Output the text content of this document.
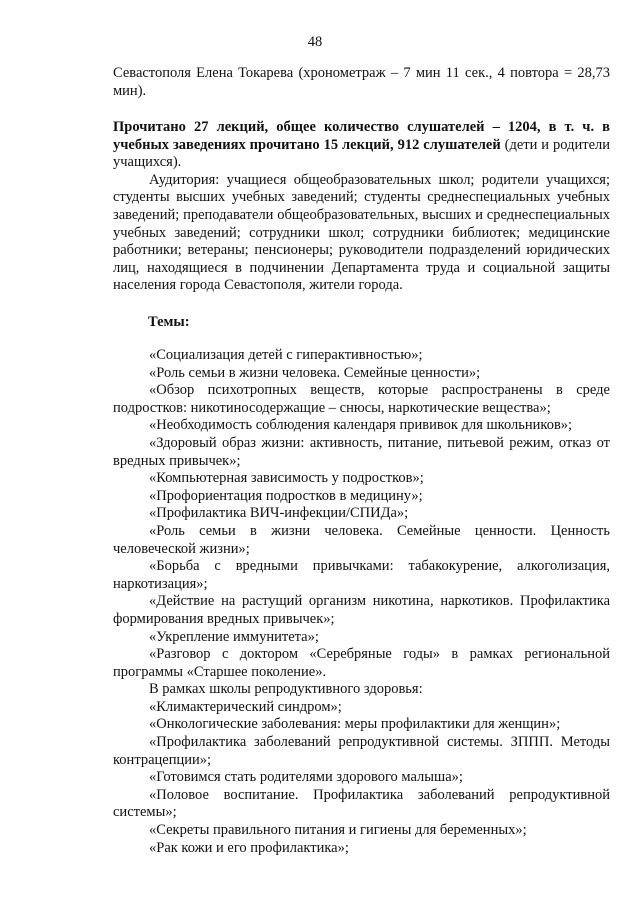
48

Севастополя Елена Токарева (хронометраж – 7 мин 11 сек., 4 повтора = 28,73 мин).

Прочитано 27 лекций, общее количество слушателей – 1204, в т. ч. в учебных заведениях прочитано 15 лекций, 912 слушателей (дети и родители учащихся).

Аудитория: учащиеся общеобразовательных школ; родители учащихся; студенты высших учебных заведений; студенты среднеспециальных учебных заведений; преподаватели общеобразовательных, высших и среднеспециальных учебных заведений; сотрудники школ; сотрудники библиотек; медицинские работники; ветераны; пенсионеры; руководители подразделений юридических лиц, находящиеся в подчинении Департамента труда и социальной защиты населения города Севастополя, жители города.

Темы:

«Социализация детей с гиперактивностью»;

«Роль семьи в жизни человека. Семейные ценности»;

«Обзор психотропных веществ, которые распространены в среде подростков: никотиносодержащие – снюсы, наркотические вещества»;

«Необходимость соблюдения календаря прививок для школьников»;

«Здоровый образ жизни: активность, питание, питьевой режим, отказ от вредных привычек»;

«Компьютерная зависимость у подростков»;

«Профориентация подростков в медицину»;

«Профилактика ВИЧ-инфекции/СПИДа»;

«Роль семьи в жизни человека. Семейные ценности. Ценность человеческой жизни»;

«Борьба с вредными привычками: табакокурение, алкоголизация, наркотизация»;

«Действие на растущий организм никотина, наркотиков. Профилактика формирования вредных привычек»;

«Укрепление иммунитета»;

«Разговор с доктором «Серебряные годы» в рамках региональной программы «Старшее поколение».

В рамках школы репродуктивного здоровья:

«Климактерический синдром»;

«Онкологические заболевания: меры профилактики для женщин»;

«Профилактика заболеваний репродуктивной системы. ЗППП. Методы контрацепции»;

«Готовимся стать родителями здорового малыша»;

«Половое воспитание. Профилактика заболеваний репродуктивной системы»;

«Секреты правильного питания и гигиены для беременных»;

«Рак кожи и его профилактика»;
